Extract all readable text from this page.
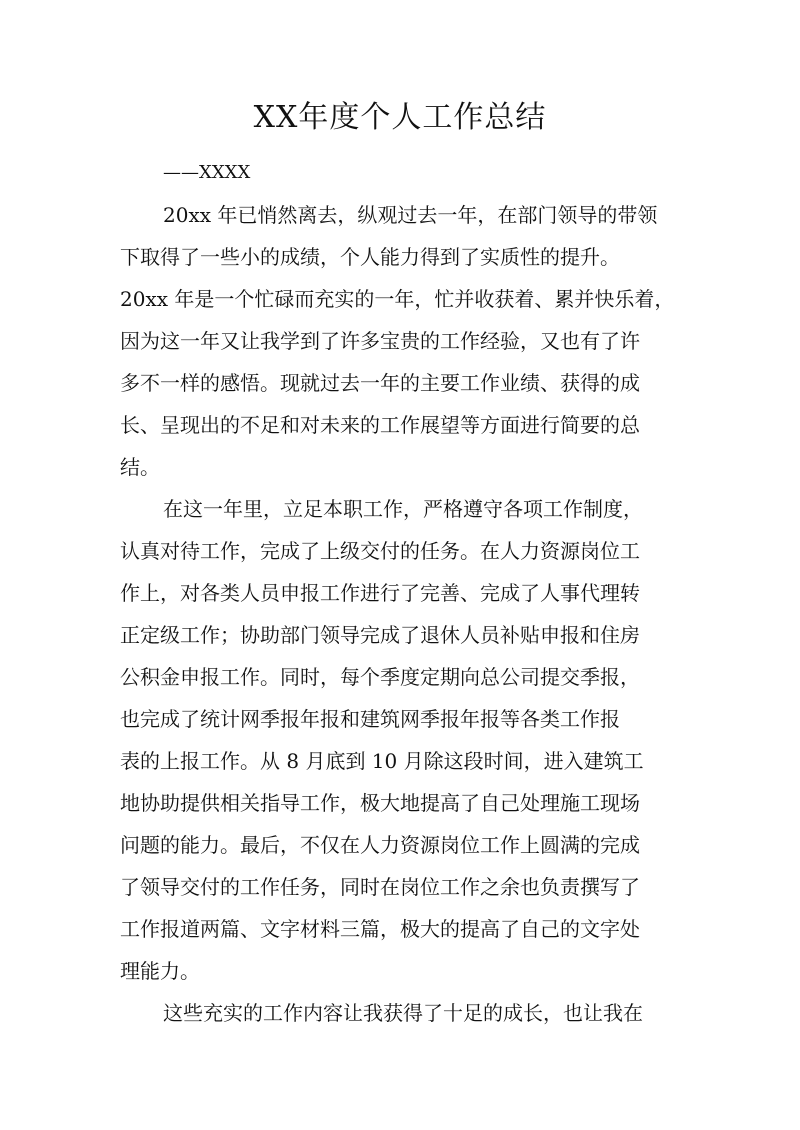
XX年度个人工作总结
——XXXX
20xx 年已悄然离去，纵观过去一年，在部门领导的带领
下取得了一些小的成绩，个人能力得到了实质性的提升。
20xx 年是一个忙碌而充实的一年，忙并收获着、累并快乐着，
因为这一年又让我学到了许多宝贵的工作经验，又也有了许
多不一样的感悟。现就过去一年的主要工作业绩、获得的成
长、呈现出的不足和对未来的工作展望等方面进行简要的总
结。
在这一年里，立足本职工作，严格遵守各项工作制度，
认真对待工作，完成了上级交付的任务。在人力资源岗位工
作上，对各类人员申报工作进行了完善、完成了人事代理转
正定级工作；协助部门领导完成了退休人员补贴申报和住房
公积金申报工作。同时，每个季度定期向总公司提交季报，
也完成了统计网季报年报和建筑网季报年报等各类工作报
表的上报工作。从 8 月底到 10 月除这段时间，进入建筑工
地协助提供相关指导工作，极大地提高了自己处理施工现场
问题的能力。最后，不仅在人力资源岗位工作上圆满的完成
了领导交付的工作任务，同时在岗位工作之余也负责撰写了
工作报道两篇、文字材料三篇，极大的提高了自己的文字处
理能力。
这些充实的工作内容让我获得了十足的成长，也让我在
